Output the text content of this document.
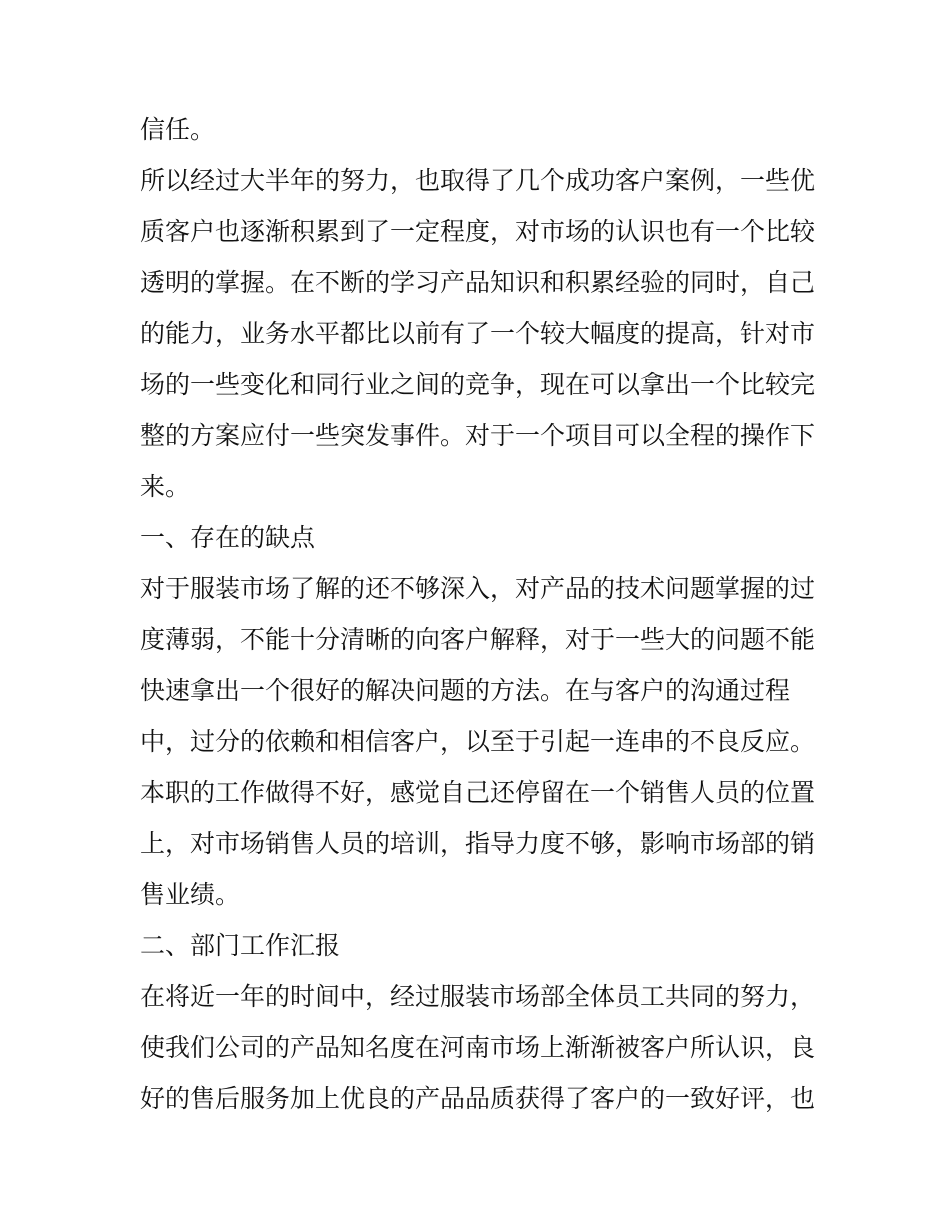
信任。

所以经过大半年的努力，也取得了几个成功客户案例，一些优

质客户也逐渐积累到了一定程度，对市场的认识也有一个比较

透明的掌握。在不断的学习产品知识和积累经验的同时，自己

的能力，业务水平都比以前有了一个较大幅度的提高，针对市

场的一些变化和同行业之间的竞争，现在可以拿出一个比较完

整的方案应付一些突发事件。对于一个项目可以全程的操作下

来。

一、存在的缺点

对于服装市场了解的还不够深入，对产品的技术问题掌握的过

度薄弱，不能十分清晰的向客户解释，对于一些大的问题不能

快速拿出一个很好的解决问题的方法。在与客户的沟通过程

中，过分的依赖和相信客户，以至于引起一连串的不良反应。

本职的工作做得不好，感觉自己还停留在一个销售人员的位置

上，对市场销售人员的培训，指导力度不够，影响市场部的销

售业绩。

二、部门工作汇报

在将近一年的时间中，经过服装市场部全体员工共同的努力，

使我们公司的产品知名度在河南市场上渐渐被客户所认识，良

好的售后服务加上优良的产品品质获得了客户的一致好评，也
